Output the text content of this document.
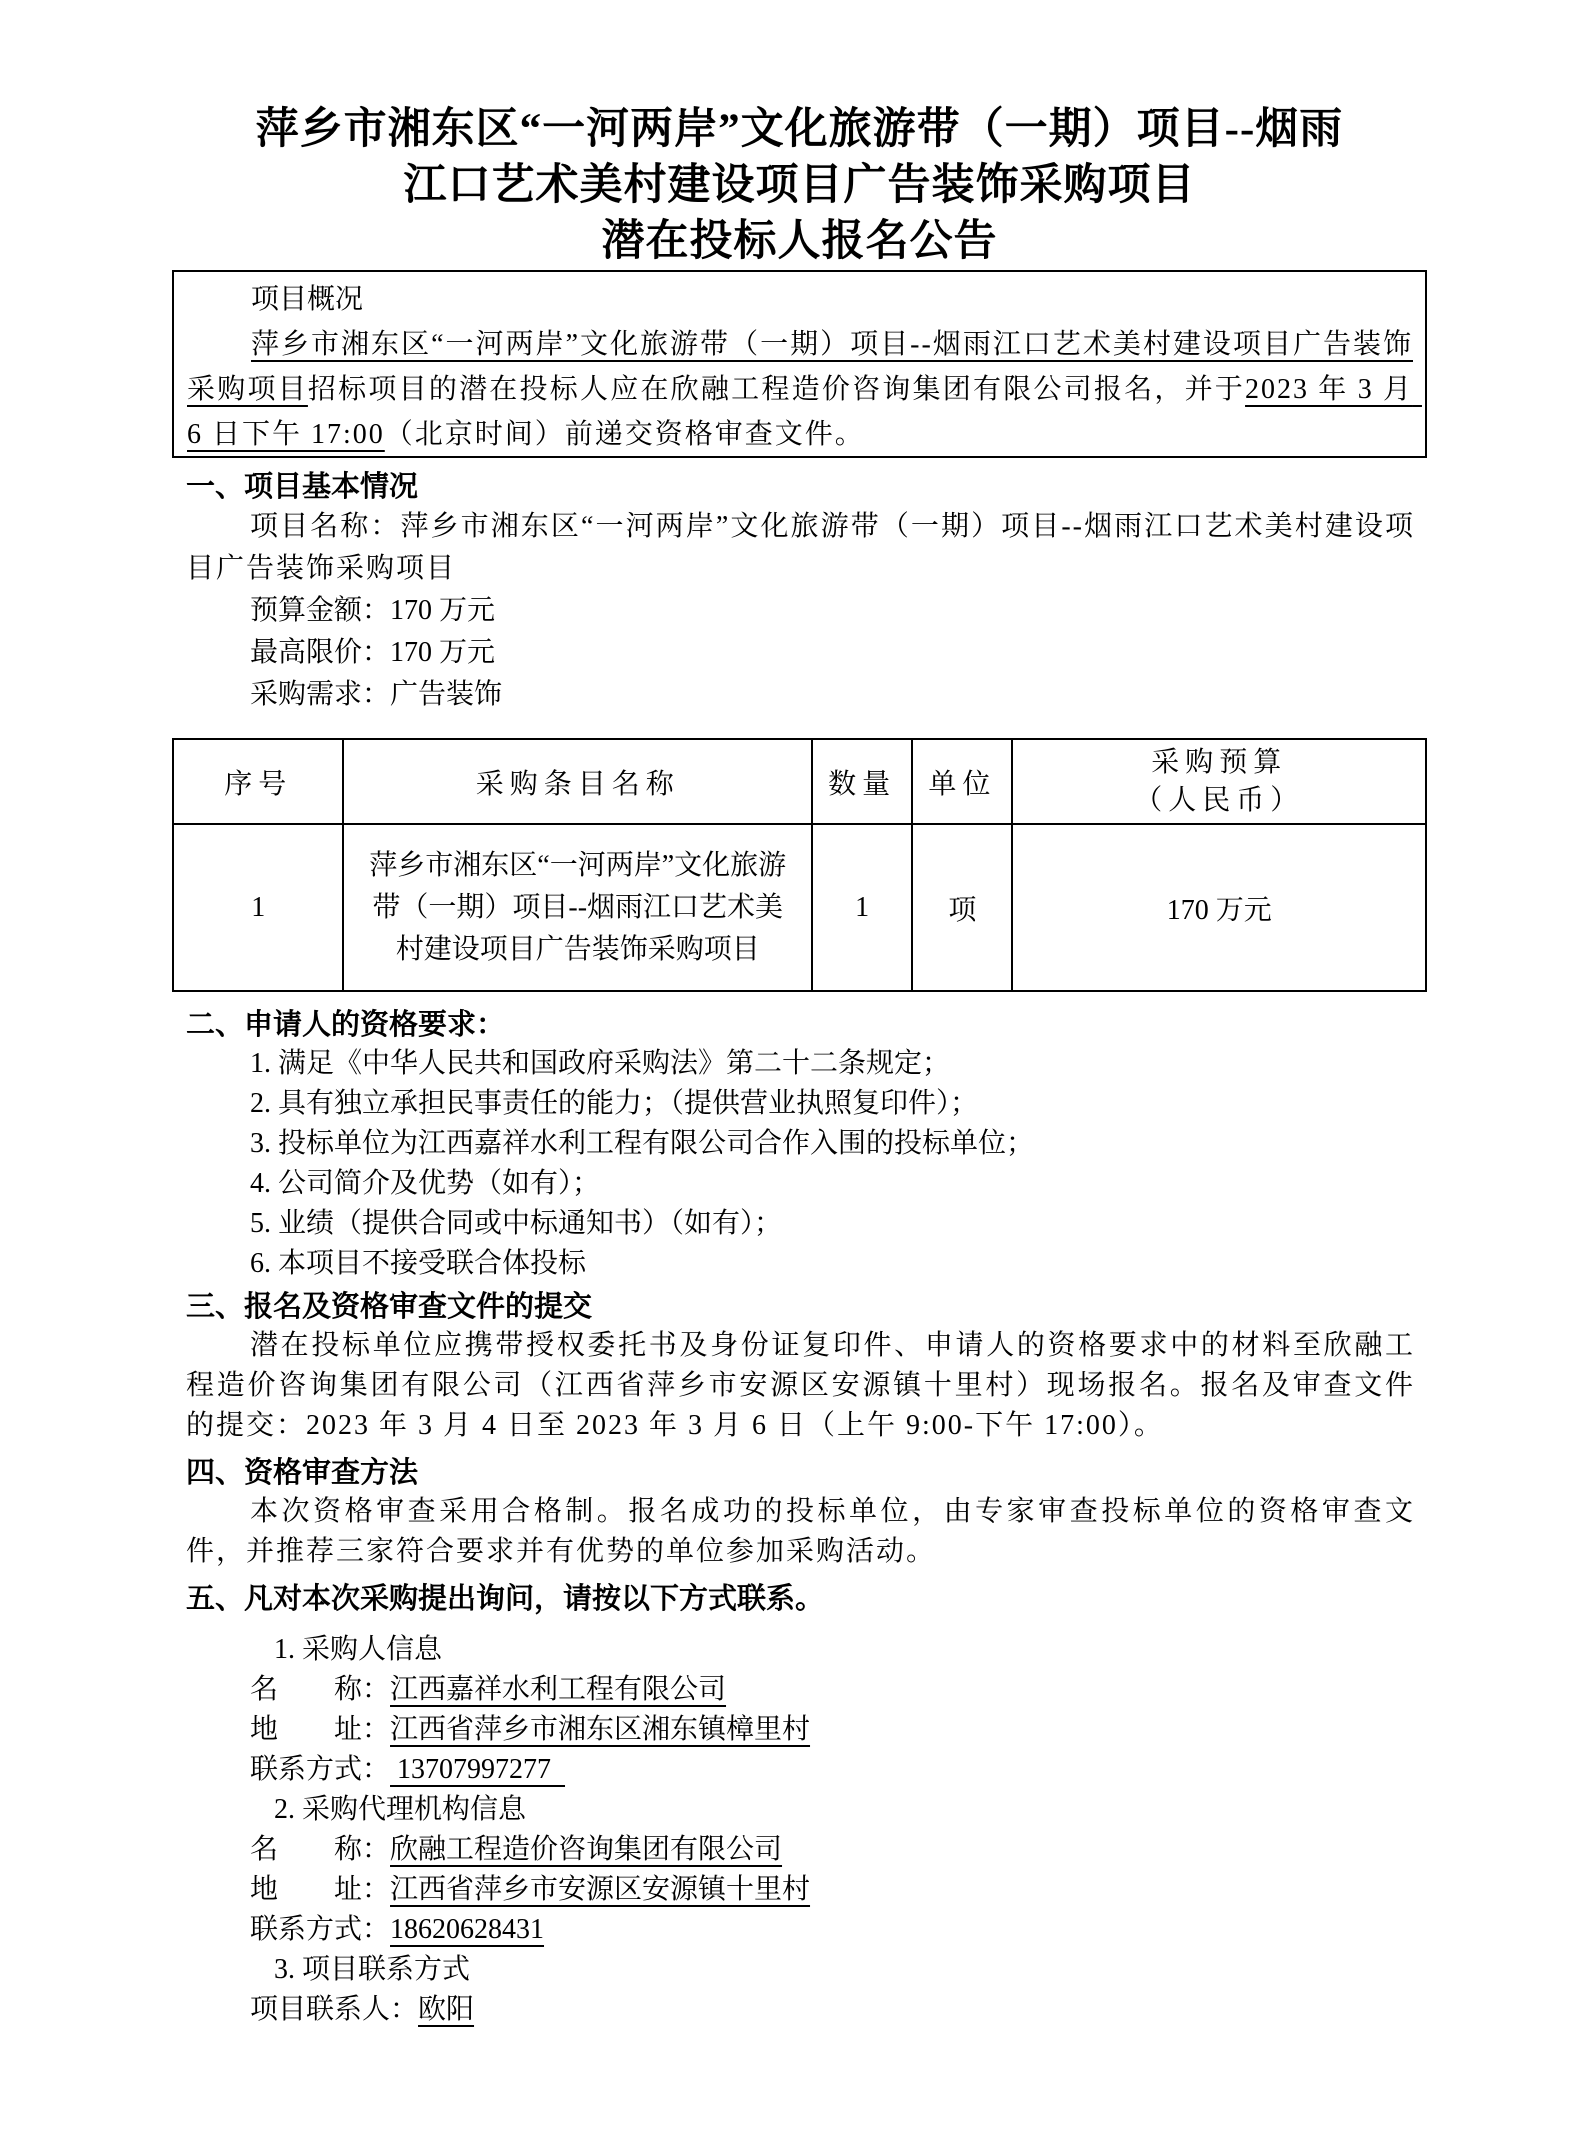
萍乡市湘东区“一河两岸”文化旅游带（一期）项目--烟雨
江口艺术美村建设项目广告装饰采购项目
潜在投标人报名公告
项目概况

萍乡市湘东区“一河两岸”文化旅游带（一期）项目--烟雨江口艺术美村建设项目广告装饰采购项目招标项目的潜在投标人应在欣融工程造价咨询集团有限公司报名，并于2023 年 3 月 6 日下午 17:00（北京时间）前递交资格审查文件。

一、项目基本情况

项目名称：萍乡市湘东区“一河两岸”文化旅游带（一期）项目--烟雨江口艺术美村建设项目广告装饰采购项目

预算金额：170 万元
最高限价：170 万元
采购需求：广告装饰
序号	采购条目名称	数量	单位	采购预算
（人民币）

1	萍乡市湘东区“一河两岸”文化旅游带（一期）项目--烟雨江口艺术美村建设项目广告装饰采购项目	1	项	170 万元
二、申请人的资格要求：
1. 满足《中华人民共和国政府采购法》第二十二条规定；
2. 具有独立承担民事责任的能力；（提供营业执照复印件）；
3. 投标单位为江西嘉祥水利工程有限公司合作入围的投标单位；
4. 公司简介及优势（如有）；
5. 业绩（提供合同或中标通知书）（如有）；
6. 本项目不接受联合体投标
三、报名及资格审查文件的提交

潜在投标单位应携带授权委托书及身份证复印件、申请人的资格要求中的材料至欣融工程造价咨询集团有限公司（江西省萍乡市安源区安源镇十里村）现场报名。报名及审查文件的提交：2023 年 3 月 4 日至 2023 年 3 月 6 日（上午 9:00-下午 17:00）。

四、资格审查方法

本次资格审查采用合格制。报名成功的投标单位，由专家审查投标单位的资格审查文件，并推荐三家符合要求并有优势的单位参加采购活动。

五、凡对本次采购提出询问，请按以下方式联系。
1. 采购人信息
名　　称：江西嘉祥水利工程有限公司
地　　址：江西省萍乡市湘东区湘东镇樟里村
联系方式： 13707997277
2. 采购代理机构信息
名　　称：欣融工程造价咨询集团有限公司
地　　址：江西省萍乡市安源区安源镇十里村
联系方式：18620628431
3. 项目联系方式
项目联系人：欧阳
